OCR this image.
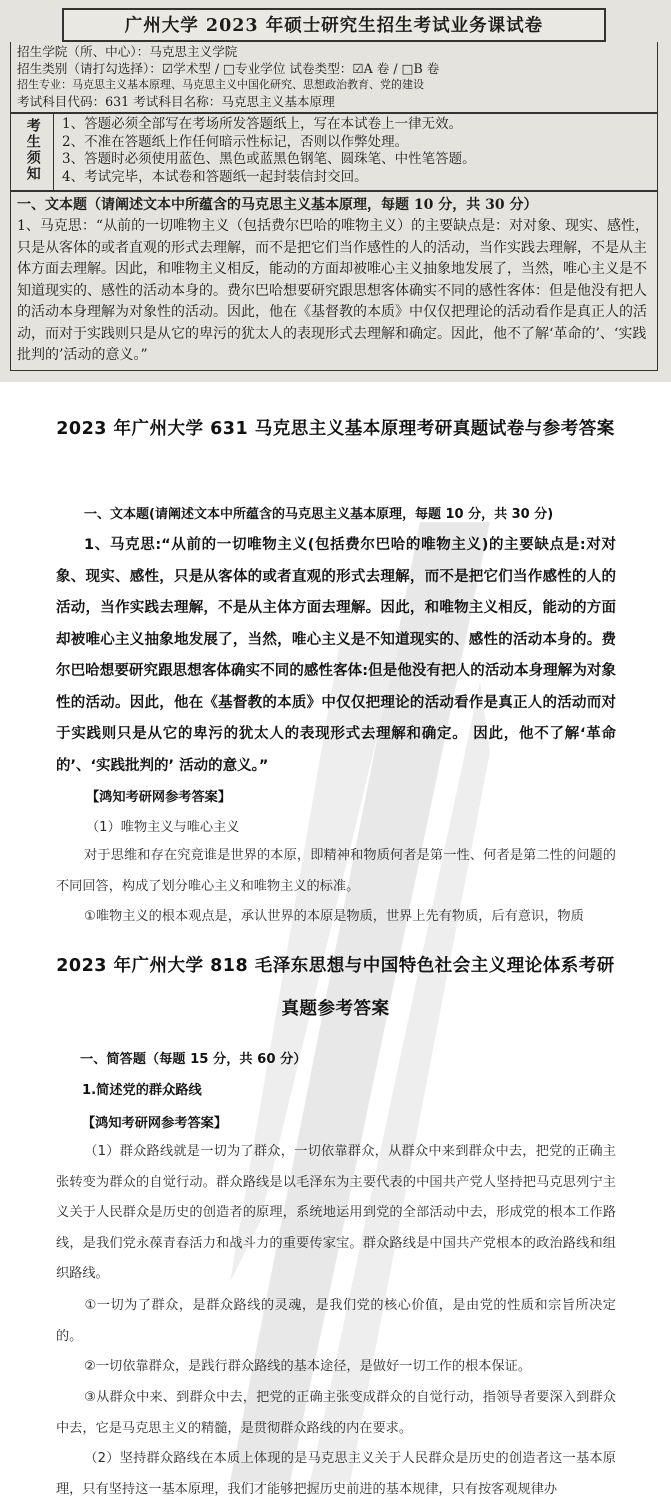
广州大学 2023 年硕士研究生招生考试业务课试卷
招生学院（所、中心）：马克思主义学院
招生类别（请打勾选择）：☑学术型 / □专业学位 试卷类型：☑A 卷 / □B 卷
招生专业：马克思主义基本原理、马克思主义中国化研究、思想政治教育、党的建设
考试科目代码：631 考试科目名称：马克思主义基本原理
考生须知	1、答题必须全部写在考场所发答题纸上，写在本试卷上一律无效。
2、不准在答题纸上作任何暗示性标记，否则以作弊处理。
3、答题时必须使用蓝色、黑色或蓝黑色钢笔、圆珠笔、中性笔答题。
4、考试完毕，本试卷和答题纸一起封装信封交回。
一、文本题（请阐述文本中所蕴含的马克思主义基本原理，每题 10 分，共 30 分）
1、马克思：“从前的一切唯物主义（包括费尔巴哈的唯物主义）的主要缺点是：对对象、现实、感性，只是从客体的或者直观的形式去理解，而不是把它们当作感性的人的活动，当作实践去理解，不是从主体方面去理解。因此，和唯物主义相反，能动的方面却被唯心主义抽象地发展了，当然，唯心主义是不知道现实的、感性的活动本身的。费尔巴哈想要研究跟思想客体确实不同的感性客体：但是他没有把人的活动本身理解为对象性的活动。因此，他在《基督教的本质》中仅仅把理论的活动看作是真正人的活动，而对于实践则只是从它的卑污的犹太人的表现形式去理解和确定。因此，他不了解‘革命的’、‘实践批判的’活动的意义。”
2023 年广州大学 631 马克思主义基本原理考研真题试卷与参考答案
一、文本题(请阐述文本中所蕴含的马克思主义基本原理，每题 10 分，共 30 分)
1、马克思:“从前的一切唯物主义(包括费尔巴哈的唯物主义)的主要缺点是:对对象、现实、感性，只是从客体的或者直观的形式去理解，而不是把它们当作感性的人的活动，当作实践去理解，不是从主体方面去理解。因此，和唯物主义相反，能动的方面却被唯心主义抽象地发展了，当然，唯心主义是不知道现实的、感性的活动本身的。费尔巴哈想要研究跟思想客体确实不同的感性客体:但是他没有把人的活动本身理解为对象性的活动。因此，他在《基督教的本质》中仅仅把理论的活动看作是真正人的活动而对于实践则只是从它的卑污的犹太人的表现形式去理解和确定。 因此，他不了解‘革命的’、‘实践批判的’ 活动的意义。”
【鸿知考研网参考答案】
（1）唯物主义与唯心主义
对于思维和存在究竟谁是世界的本原，即精神和物质何者是第一性、何者是第二性的问题的不同回答，构成了划分唯心主义和唯物主义的标准。
①唯物主义的根本观点是，承认世界的本原是物质，世界上先有物质，后有意识，物质
2023 年广州大学 818 毛泽东思想与中国特色社会主义理论体系考研
真题参考答案
一、简答题（每题 15 分，共 60 分）
1.简述党的群众路线
【鸿知考研网参考答案】
（1）群众路线就是一切为了群众，一切依靠群众，从群众中来到群众中去，把党的正确主张转变为群众的自觉行动。群众路线是以毛泽东为主要代表的中国共产党人坚持把马克思列宁主义关于人民群众是历史的创造者的原理，系统地运用到党的全部活动中去，形成党的根本工作路线，是我们党永葆青春活力和战斗力的重要传家宝。群众路线是中国共产党根本的政治路线和组织路线。
①一切为了群众，是群众路线的灵魂，是我们党的核心价值，是由党的性质和宗旨所决定的。
②一切依靠群众，是践行群众路线的基本途径，是做好一切工作的根本保证。
③从群众中来、到群众中去，把党的正确主张变成群众的自觉行动，指领导者要深入到群众中去，它是马克思主义的精髓，是贯彻群众路线的内在要求。
（2）坚持群众路线在本质上体现的是马克思主义关于人民群众是历史的创造者这一基本原理，只有坚持这一基本原理，我们才能够把握历史前进的基本规律，只有按客观规律办
